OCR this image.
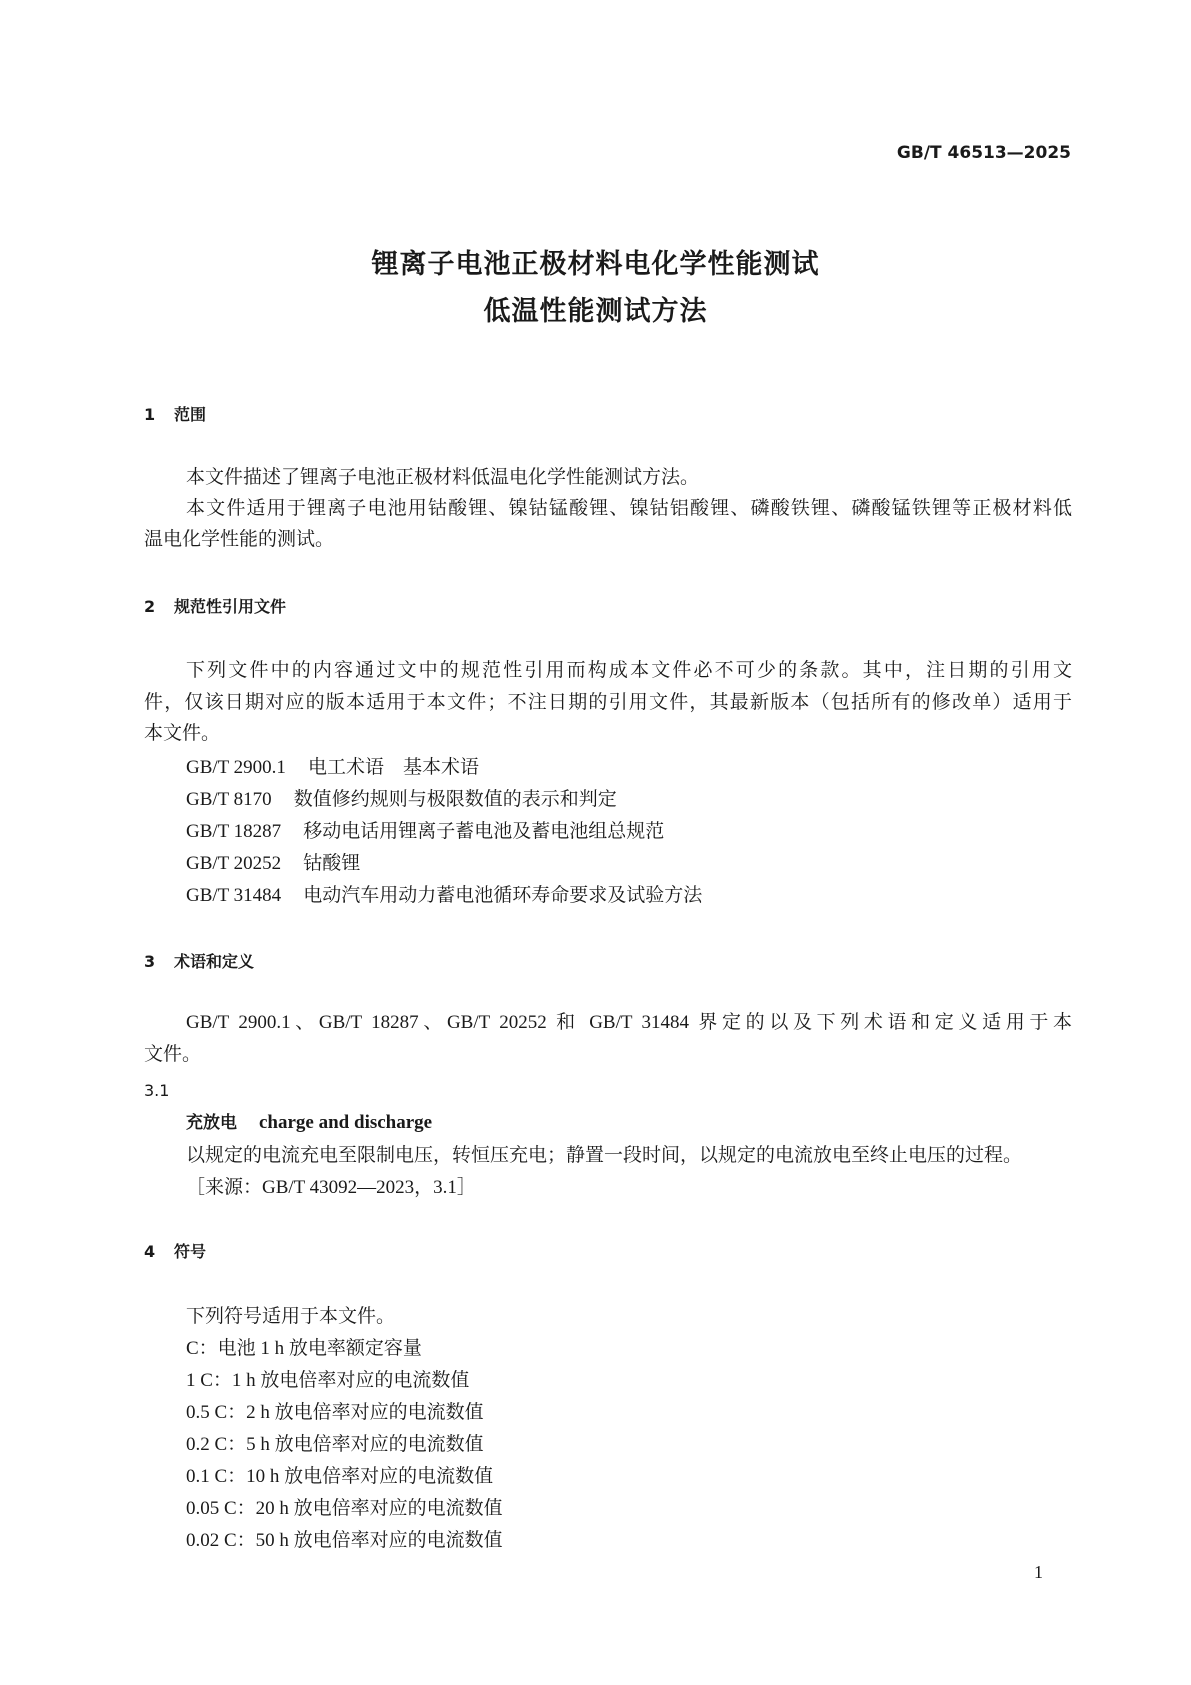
GB/T 46513—2025
锂离子电池正极材料电化学性能测试
低温性能测试方法
1 范围
本文件描述了锂离子电池正极材料低温电化学性能测试方法。
本文件适用于锂离子电池用钴酸锂、镍钴锰酸锂、镍钴铝酸锂、磷酸铁锂、磷酸锰铁锂等正极材料低
温电化学性能的测试。
2 规范性引用文件
下列文件中的内容通过文中的规范性引用而构成本文件必不可少的条款。其中，注日期的引用文
件，仅该日期对应的版本适用于本文件；不注日期的引用文件，其最新版本（包括所有的修改单）适用于
本文件。
GB/T 2900.1 电工术语　基本术语
GB/T 8170 数值修约规则与极限数值的表示和判定
GB/T 18287 移动电话用锂离子蓄电池及蓄电池组总规范
GB/T 20252 钴酸锂
GB/T 31484 电动汽车用动力蓄电池循环寿命要求及试验方法
3 术语和定义
GB/T 2900.1、GB/T 18287、GB/T 20252 和 GB/T 31484 界定的以及下列术语和定义适用于本
文件。
3.1
充放电 charge and discharge
以规定的电流充电至限制电压，转恒压充电；静置一段时间，以规定的电流放电至终止电压的过程。
［来源：GB/T 43092—2023，3.1］
4 符号
下列符号适用于本文件。
C：电池 1 h 放电率额定容量
1 C：1 h 放电倍率对应的电流数值
0.5 C：2 h 放电倍率对应的电流数值
0.2 C：5 h 放电倍率对应的电流数值
0.1 C：10 h 放电倍率对应的电流数值
0.05 C：20 h 放电倍率对应的电流数值
0.02 C：50 h 放电倍率对应的电流数值
1
